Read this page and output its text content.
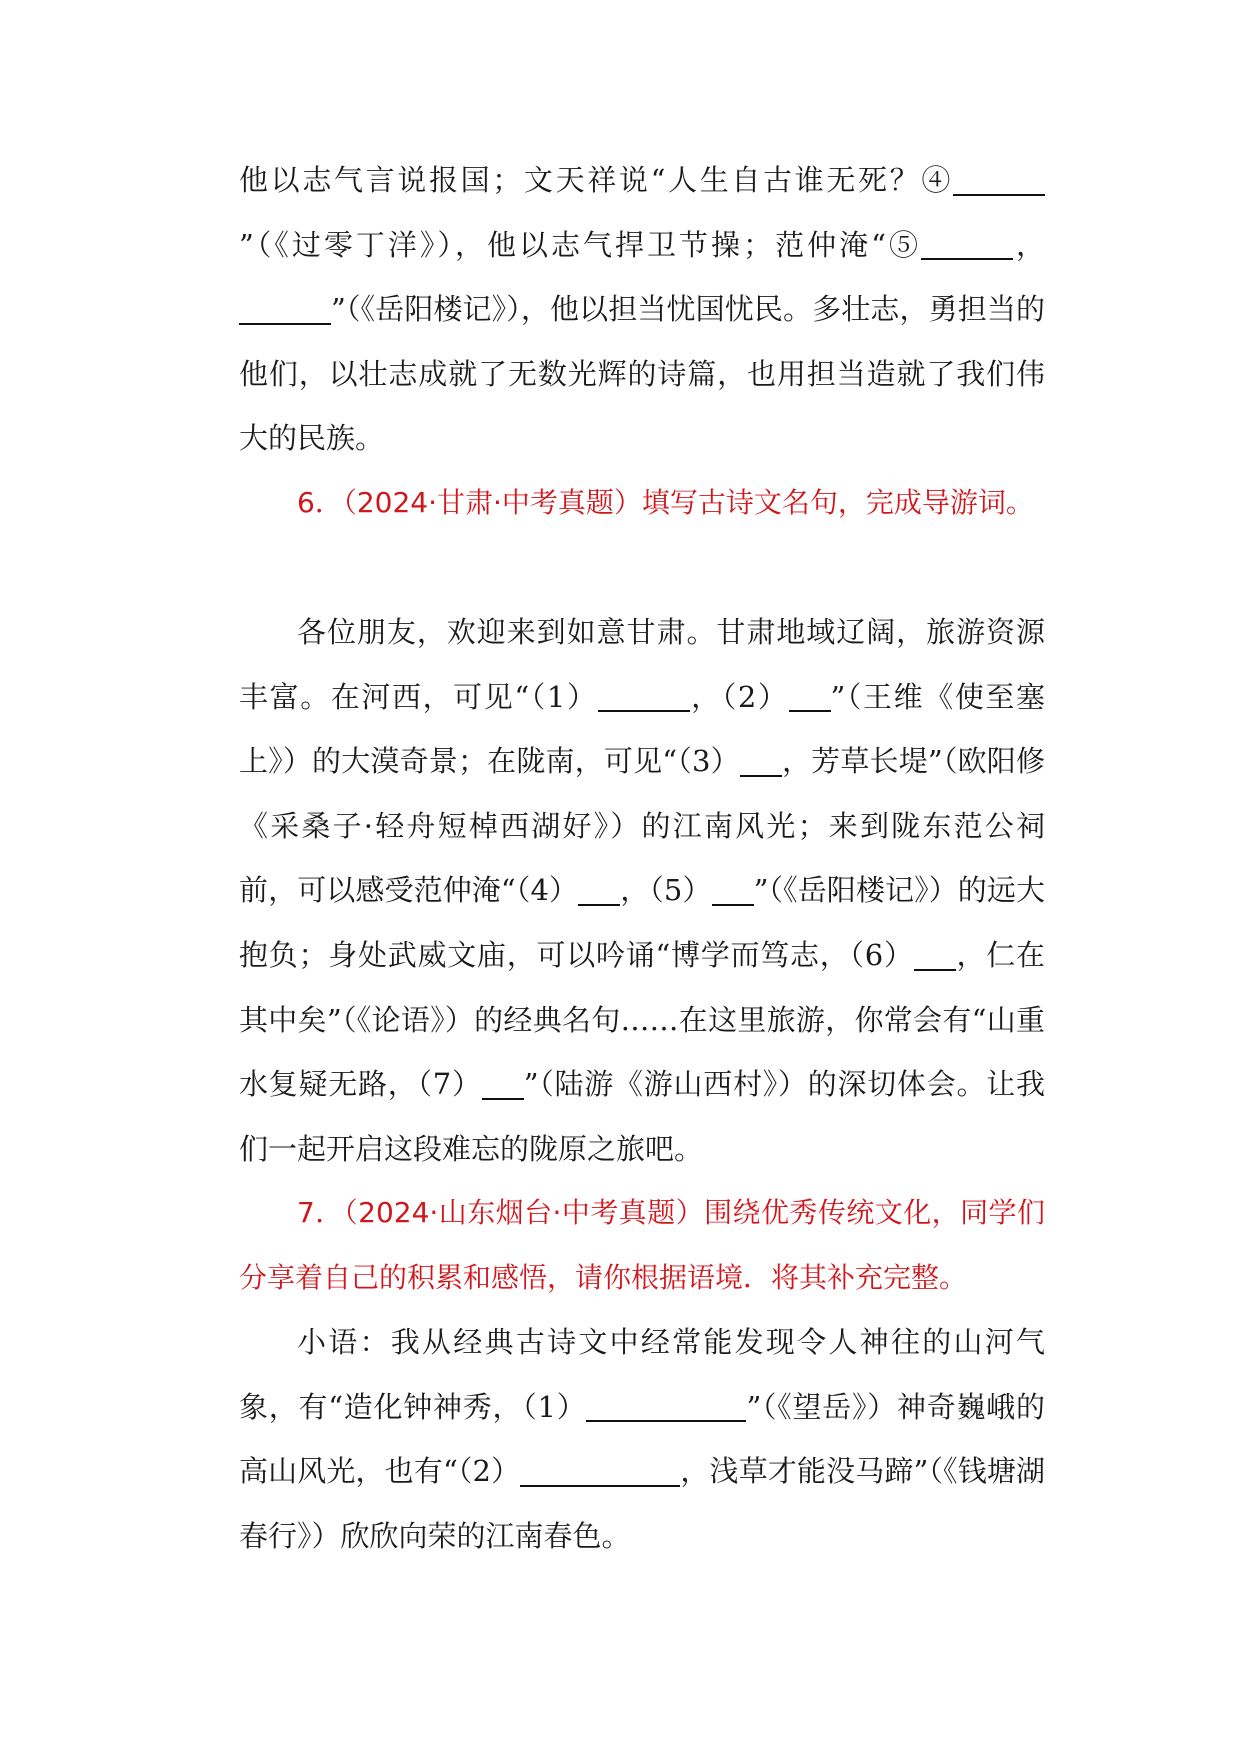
他以志气言说报国；文天祥说“人生自古谁无死？④”（《过零丁洋》），他以志气捍卫节操；范仲淹“⑤	，”（《岳阳楼记》），他以担当忧国忧民。多壮志，勇担当的他们，以壮志成就了无数光辉的诗篇，也用担当造就了我们伟大的民族。

6．（2024·甘肃·中考真题）填写古诗文名句，完成导游词。

各位朋友，欢迎来到如意甘肃。甘肃地域辽阔，旅游资源丰富。在河西，可见“（1）	，（2） ”（王维《使至塞上》）的大漠奇景；在陇南，可见“（3） ，芳草长堤”（欧阳修《采桑子·轻舟短棹西湖好》）的江南风光；来到陇东范公祠前，可以感受范仲淹“（4） ，（5） ”（《岳阳楼记》）的远大抱负；身处武威文庙，可以吟诵“博学而笃志，（6） ，仁在其中矣”（《论语》）的经典名句……在这里旅游，你常会有“山重水复疑无路，（7） ”（陆游《游山西村》）的深切体会。让我们一起开启这段难忘的陇原之旅吧。

7．（2024·山东烟台·中考真题）围绕优秀传统文化，同学们分享着自己的积累和感悟，请你根据语境．将其补充完整。

小语：我从经典古诗文中经常能发现令人神往的山河气象，有“造化钟神秀，（1）	”（《望岳》）神奇巍峨的高山风光，也有“（2）	，浅草才能没马蹄”（《钱塘湖春行》）欣欣向荣的江南春色。
